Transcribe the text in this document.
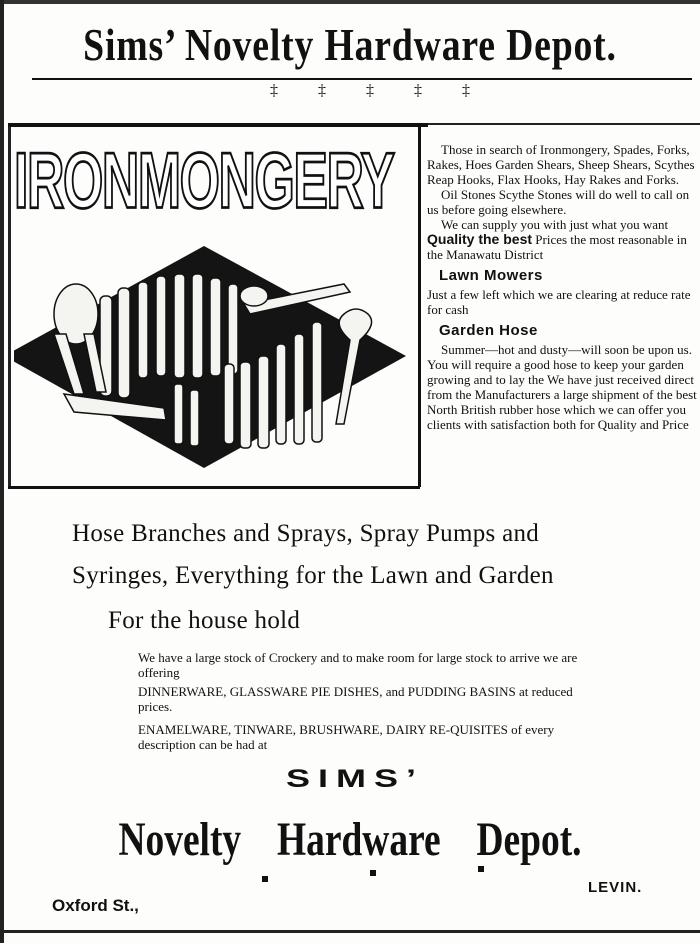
Sims’ Novelty Hardware Depot.
‡ ‡ ‡ ‡ ‡
IRONMONGERY	Those in search of Ironmongery, Spades, Forks, Rakes, Hoes Garden Shears, Sheep Shears, Scythes Reap Hooks, Flax Hooks, Hay Rakes and Forks.

Oil Stones Scythe Stones will do well to call on us before going elsewhere.

We can supply you with just what you want Quality the best Prices the most reasonable in the Manawatu District

Lawn Mowers

Just a few left which we are clearing at reduce rate for cash

Garden Hose

Summer—hot and dusty—will soon be upon us. You will require a good hose to keep your garden growing and to lay the We have just received direct from the Manufacturers a large shipment of the best North British rubber hose which we can offer you clients with satisfaction both for Quality and Price

Hose Branches and Sprays, Spray Pumps and
Syringes, Everything for the Lawn and Garden
For the house hold
We have a large stock of Crockery and to make room for large stock to arrive we are offering
DINNERWARE, GLASSWARE PIE DISHES, and PUDDING BASINS at reduced prices.
ENAMELWARE, TINWARE, BRUSHWARE, DAIRY RE-QUISITES of every description can be had at
SIMS’
Novelty Hardware Depot.
Oxford St.,
LEVIN.
